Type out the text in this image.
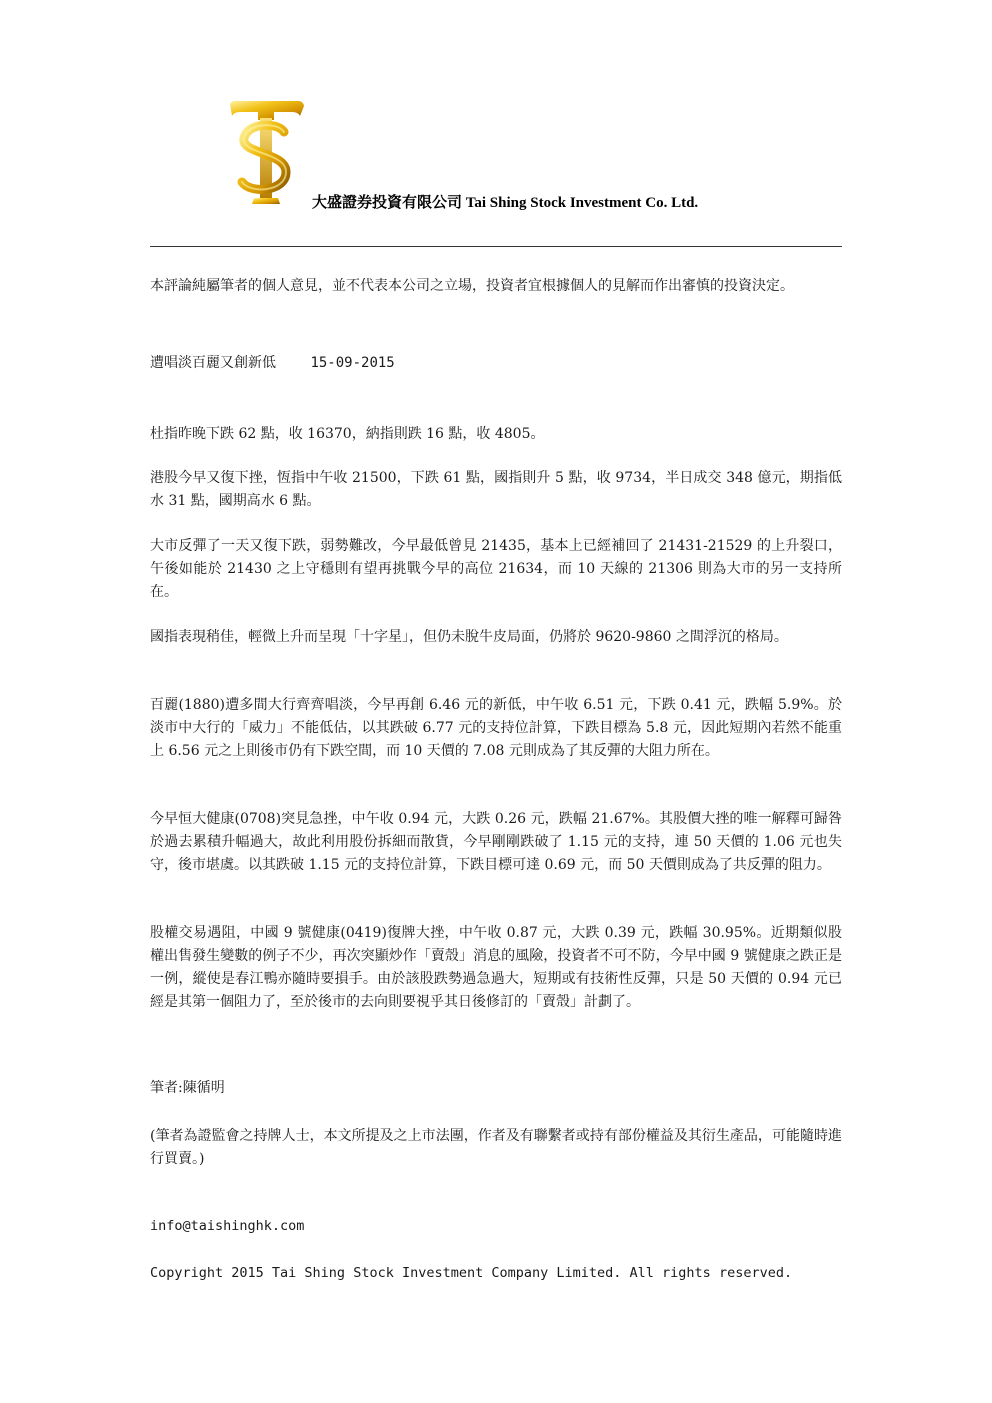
大盛證券投資有限公司 Tai Shing Stock Investment Co. Ltd.

本評論純屬筆者的個人意見，並不代表本公司之立場，投資者宜根據個人的見解而作出審慎的投資決定。

遭唱淡百麗又創新低 15-09-2015

杜指昨晚下跌 62 點，收 16370，納指則跌 16 點，收 4805。

港股今早又復下挫，恆指中午收 21500，下跌 61 點，國指則升 5 點，收 9734，半日成交 348 億元，期指低水 31 點，國期高水 6 點。

大市反彈了一天又復下跌，弱勢難改，今早最低曾見 21435，基本上已經補回了 21431-21529 的上升裂口，午後如能於 21430 之上守穩則有望再挑戰今早的高位 21634，而 10 天線的 21306 則為大市的另一支持所在。

國指表現稍佳，輕微上升而呈現「十字星」，但仍未脫牛皮局面，仍將於 9620-9860 之間浮沉的格局。

百麗(1880)遭多間大行齊齊唱淡，今早再創 6.46 元的新低，中午收 6.51 元，下跌 0.41 元，跌幅 5.9%。於淡市中大行的「威力」不能低估，以其跌破 6.77 元的支持位計算，下跌目標為 5.8 元，因此短期內若然不能重上 6.56 元之上則後市仍有下跌空間，而 10 天價的 7.08 元則成為了其反彈的大阻力所在。

今早恒大健康(0708)突見急挫，中午收 0.94 元，大跌 0.26 元，跌幅 21.67%。其股價大挫的唯一解釋可歸咎於過去累積升幅過大，故此利用股份拆細而散貨，今早剛剛跌破了 1.15 元的支持，連 50 天價的 1.06 元也失守，後市堪虞。以其跌破 1.15 元的支持位計算，下跌目標可達 0.69 元，而 50 天價則成為了共反彈的阻力。

股權交易遇阻，中國 9 號健康(0419)復牌大挫，中午收 0.87 元，大跌 0.39 元，跌幅 30.95%。近期類似股權出售發生變數的例子不少，再次突顯炒作「賣殼」消息的風險，投資者不可不防，今早中國 9 號健康之跌正是一例，縱使是春江鴨亦隨時要損手。由於該股跌勢過急過大，短期或有技術性反彈，只是 50 天價的 0.94 元已經是其第一個阻力了，至於後市的去向則要視乎其日後修訂的「賣殼」計劃了。

筆者:陳循明

(筆者為證監會之持牌人士，本文所提及之上市法團，作者及有聯繫者或持有部份權益及其衍生產品，可能隨時進行買賣。)

info@taishinghk.com

Copyright 2015 Tai Shing Stock Investment Company Limited. All rights reserved.
